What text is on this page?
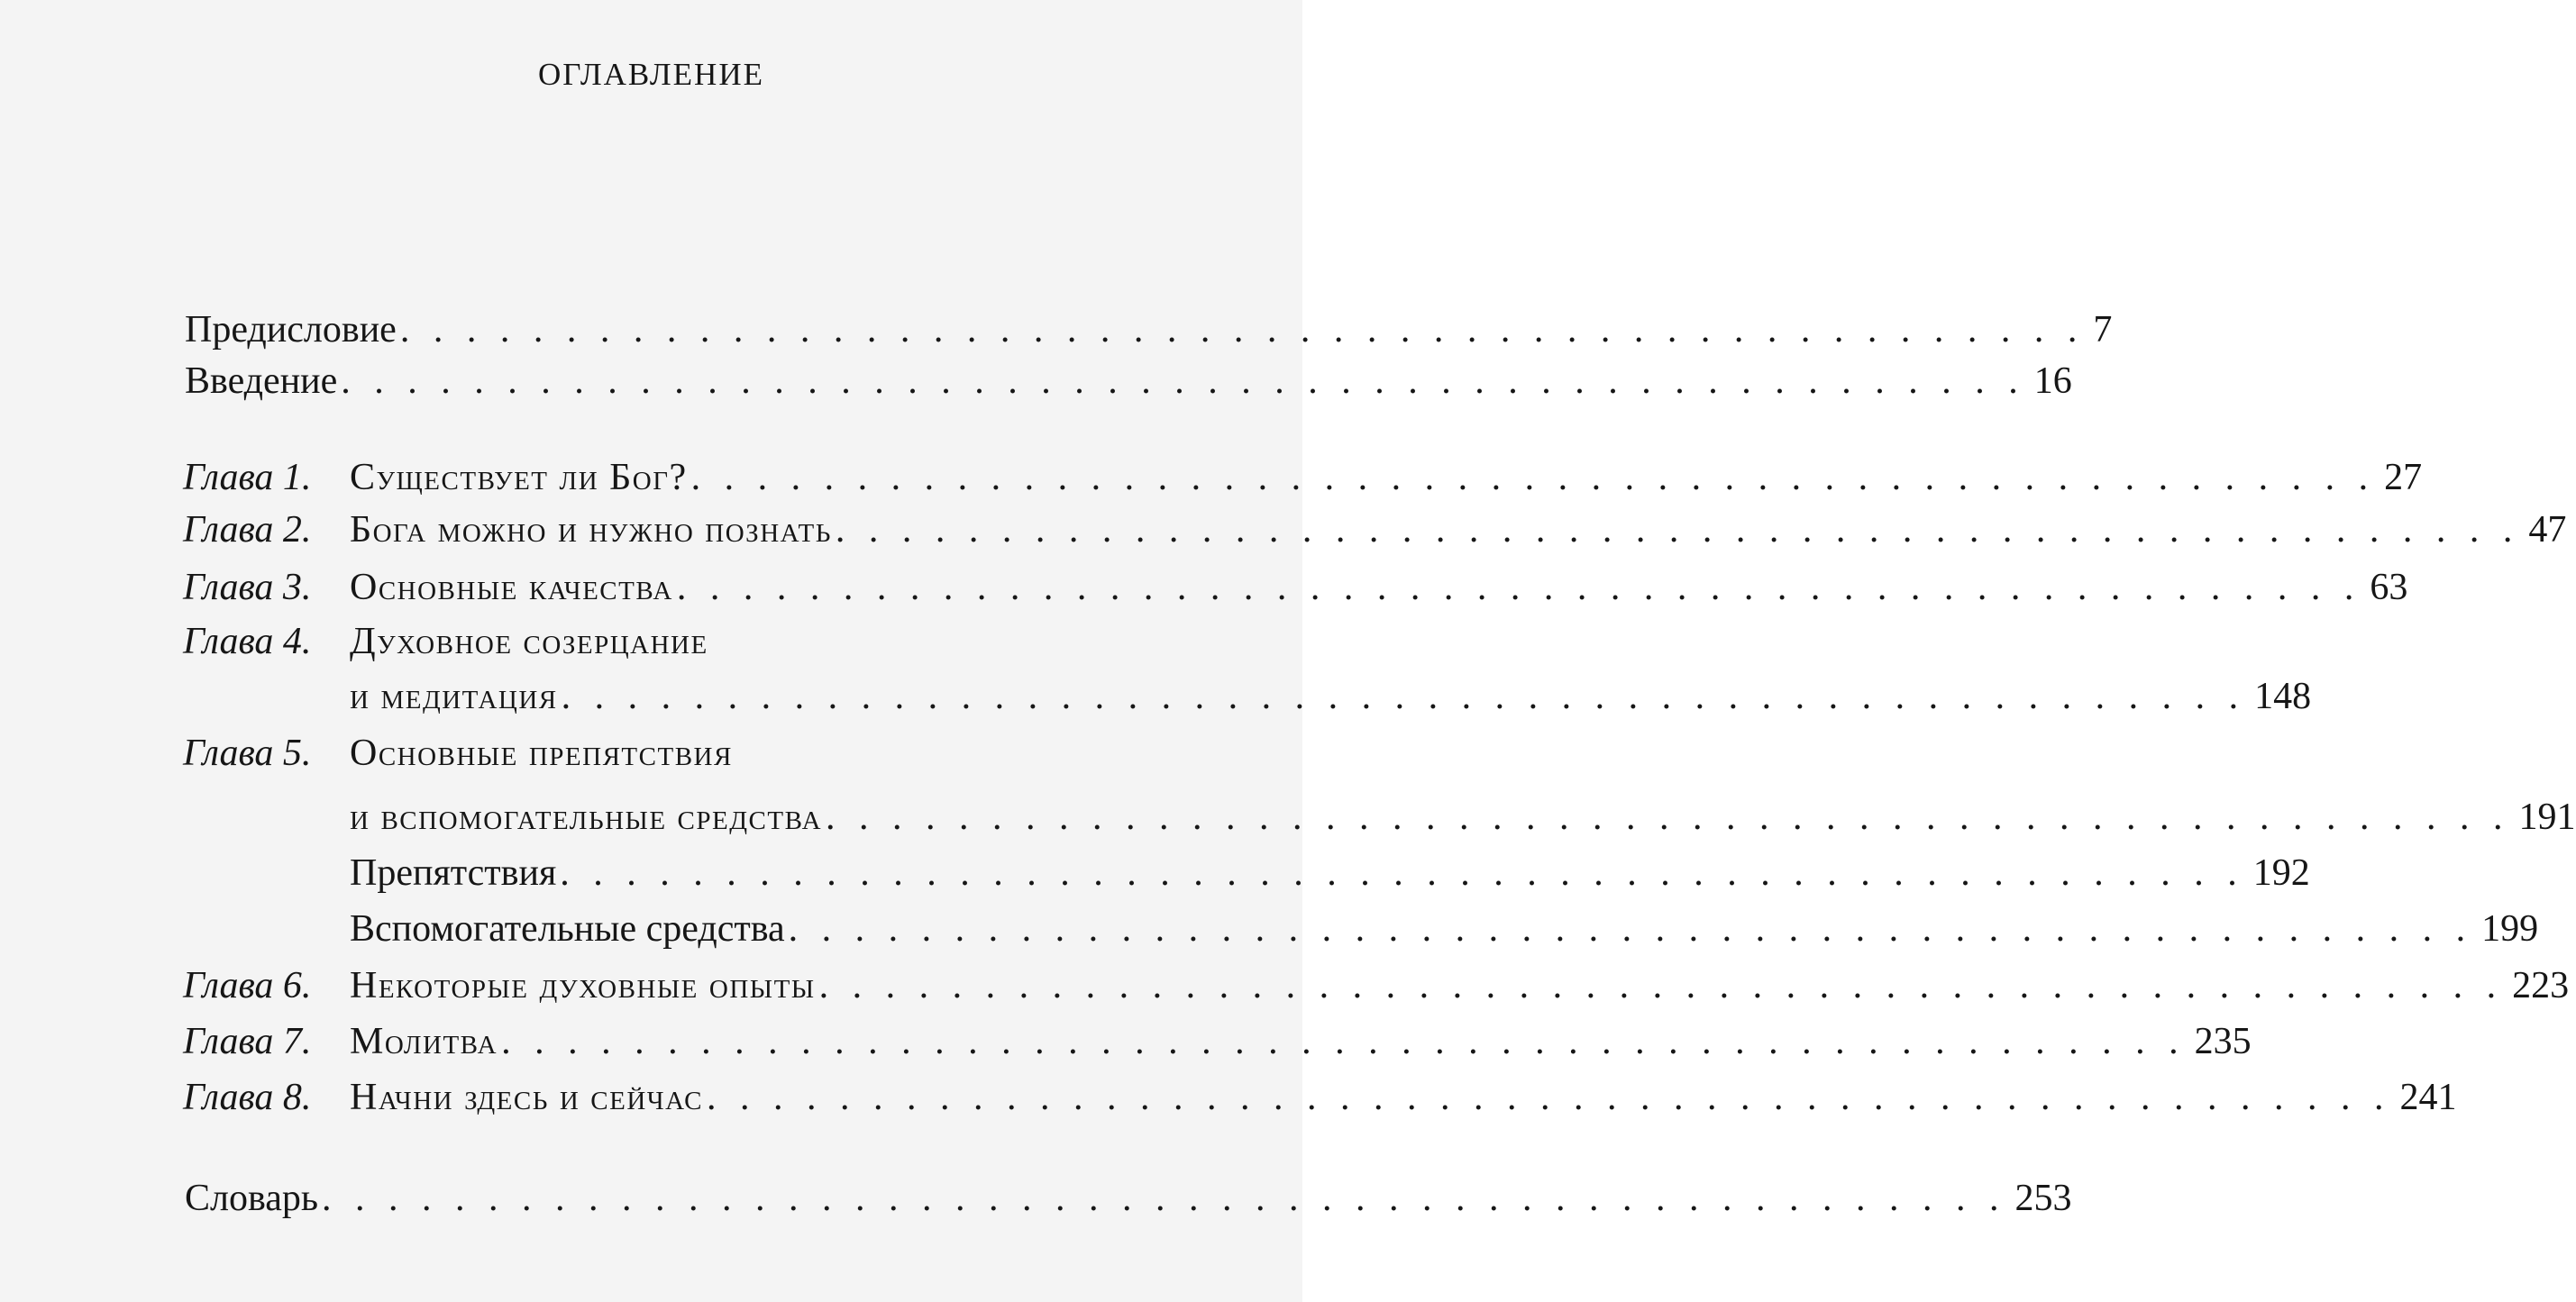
оглавление
Предисловие . . . . . . . . . . . . . . . . . . . . . . . . . . . . . . . . . . . . . . . . . . . . . . . . . . . 7
Введение . . . . . . . . . . . . . . . . . . . . . . . . . . . . . . . . . . . . . . . . . . . . . . . . . . . 16
Глава 1.	Существует ли Бог? . . . . . . . . . . . . . . . . . . . . . . . . . . . . . . . . . . . . . . . . . . . . . . . . . . . 27
Глава 2.	Бога можно и нужно познать . . . . . . . . . . . . . . . . . . . . . . . . . . . . . . . . . . . . . . . . . . . . . . . . . . . 47
Глава 3.	Основные качества . . . . . . . . . . . . . . . . . . . . . . . . . . . . . . . . . . . . . . . . . . . . . . . . . . . 63
Глава 4.	Духовное созерцание
и медитация . . . . . . . . . . . . . . . . . . . . . . . . . . . . . . . . . . . . . . . . . . . . . . . . . . . 148
Глава 5.	Основные препятствия
и вспомогательные средства . . . . . . . . . . . . . . . . . . . . . . . . . . . . . . . . . . . . . . . . . . . . . . . . . . . 191
Препятствия . . . . . . . . . . . . . . . . . . . . . . . . . . . . . . . . . . . . . . . . . . . . . . . . . . . 192
Вспомогательные средства . . . . . . . . . . . . . . . . . . . . . . . . . . . . . . . . . . . . . . . . . . . . . . . . . . . 199
Глава 6.	Некоторые духовные опыты . . . . . . . . . . . . . . . . . . . . . . . . . . . . . . . . . . . . . . . . . . . . . . . . . . . 223
Глава 7.	Молитва . . . . . . . . . . . . . . . . . . . . . . . . . . . . . . . . . . . . . . . . . . . . . . . . . . . 235
Глава 8.	Начни здесь и сейчас . . . . . . . . . . . . . . . . . . . . . . . . . . . . . . . . . . . . . . . . . . . . . . . . . . . 241
Словарь . . . . . . . . . . . . . . . . . . . . . . . . . . . . . . . . . . . . . . . . . . . . . . . . . . . 253
